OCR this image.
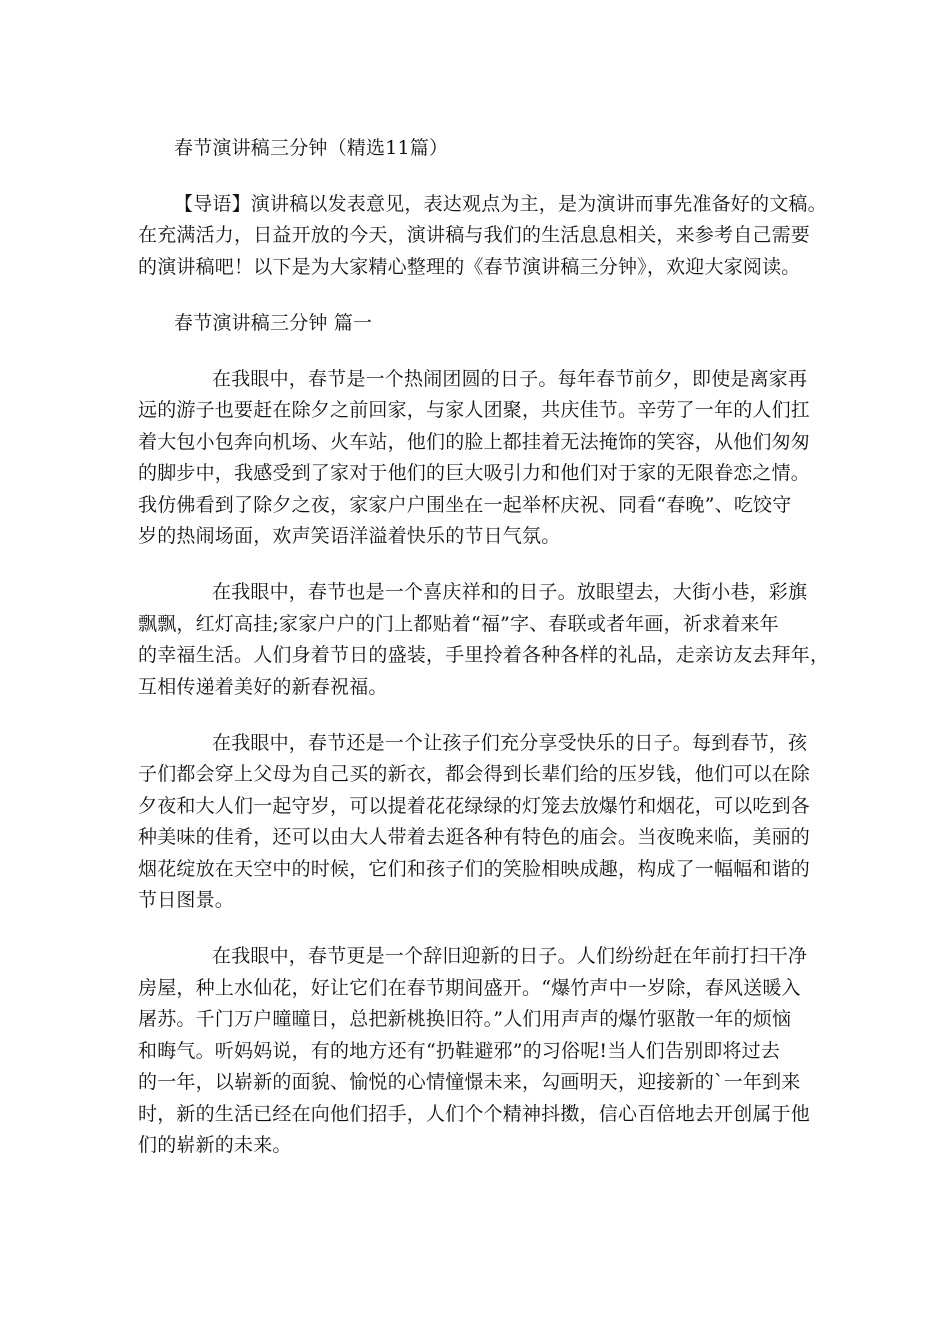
春节演讲稿三分钟（精选11篇）
【导语】演讲稿以发表意见，表达观点为主，是为演讲而事先准备好的文稿。
在充满活力，日益开放的今天，演讲稿与我们的生活息息相关，来参考自己需要
的演讲稿吧！以下是为大家精心整理的《春节演讲稿三分钟》，欢迎大家阅读。
春节演讲稿三分钟 篇一
在我眼中，春节是一个热闹团圆的日子。每年春节前夕，即使是离家再
远的游子也要赶在除夕之前回家，与家人团聚，共庆佳节。辛劳了一年的人们扛
着大包小包奔向机场、火车站，他们的脸上都挂着无法掩饰的笑容，从他们匆匆
的脚步中，我感受到了家对于他们的巨大吸引力和他们对于家的无限眷恋之情。
我仿佛看到了除夕之夜，家家户户围坐在一起举杯庆祝、同看“春晚”、吃饺守
岁的热闹场面，欢声笑语洋溢着快乐的节日气氛。
在我眼中，春节也是一个喜庆祥和的日子。放眼望去，大街小巷，彩旗
飘飘，红灯高挂;家家户户的门上都贴着“福”字、春联或者年画，祈求着来年
的幸福生活。人们身着节日的盛装，手里拎着各种各样的礼品，走亲访友去拜年，
互相传递着美好的新春祝福。
在我眼中，春节还是一个让孩子们充分享受快乐的日子。每到春节，孩
子们都会穿上父母为自己买的新衣，都会得到长辈们给的压岁钱，他们可以在除
夕夜和大人们一起守岁，可以提着花花绿绿的灯笼去放爆竹和烟花，可以吃到各
种美味的佳肴，还可以由大人带着去逛各种有特色的庙会。当夜晚来临，美丽的
烟花绽放在天空中的时候，它们和孩子们的笑脸相映成趣，构成了一幅幅和谐的
节日图景。
在我眼中，春节更是一个辞旧迎新的日子。人们纷纷赶在年前打扫干净
房屋，种上水仙花，好让它们在春节期间盛开。“爆竹声中一岁除，春风送暖入
屠苏。千门万户曈曈日，总把新桃换旧符。”人们用声声的爆竹驱散一年的烦恼
和晦气。听妈妈说，有的地方还有“扔鞋避邪”的习俗呢!当人们告别即将过去
的一年，以崭新的面貌、愉悦的心情憧憬未来，勾画明天，迎接新的`一年到来
时，新的生活已经在向他们招手，人们个个精神抖擞，信心百倍地去开创属于他
们的崭新的未来。
